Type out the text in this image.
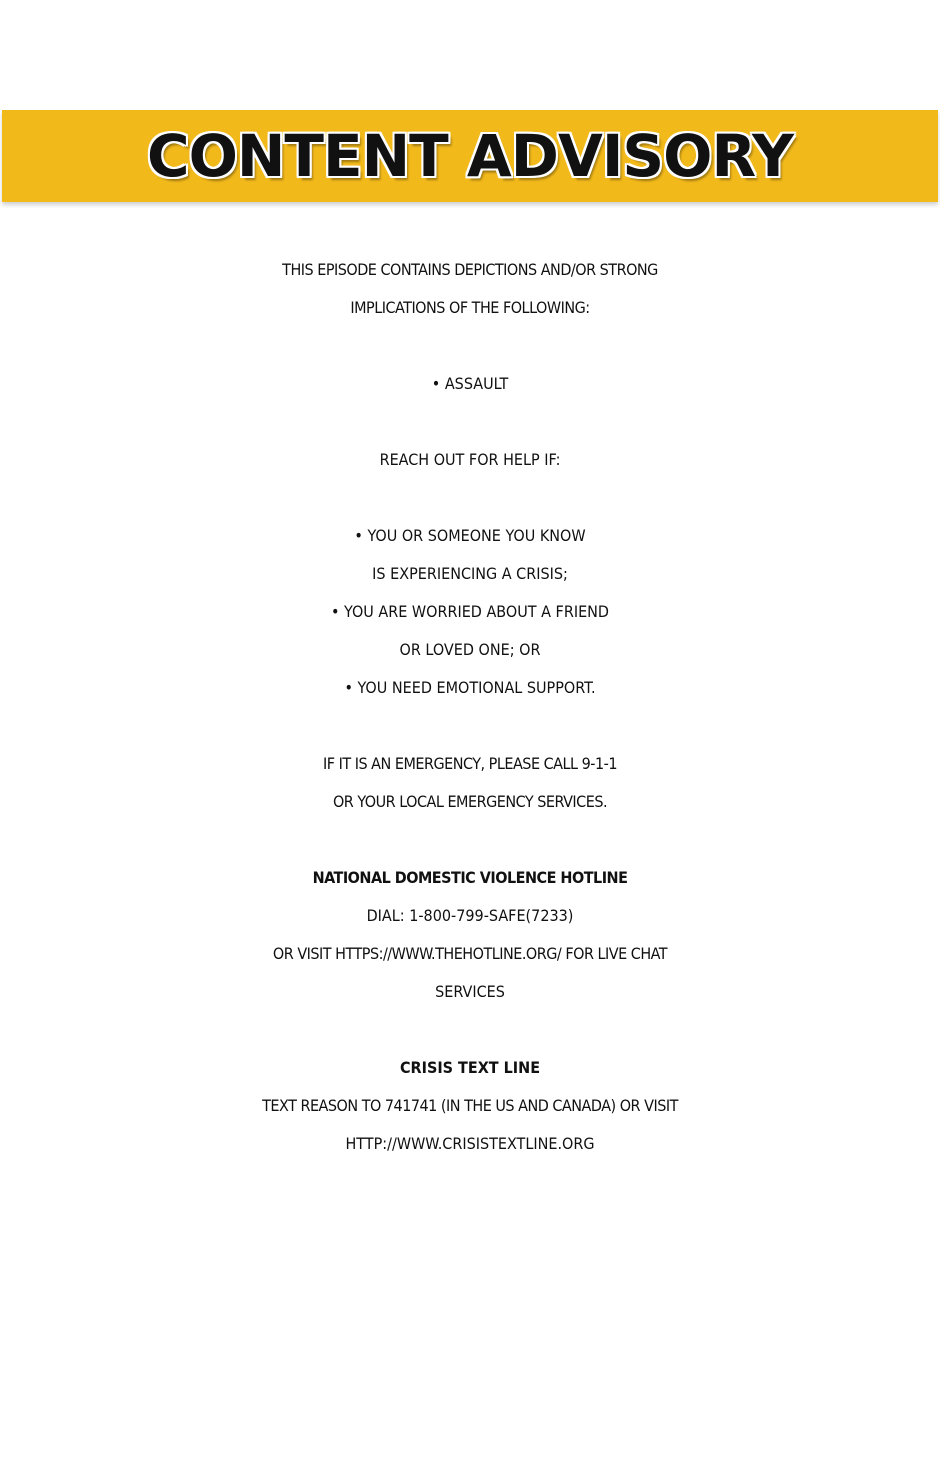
CONTENT ADVISORY
THIS EPISODE CONTAINS DEPICTIONS AND/OR STRONG
IMPLICATIONS OF THE FOLLOWING:
• ASSAULT
REACH OUT FOR HELP IF:
• YOU OR SOMEONE YOU KNOW
IS EXPERIENCING A CRISIS;
• YOU ARE WORRIED ABOUT A FRIEND
OR LOVED ONE; OR
• YOU NEED EMOTIONAL SUPPORT.
IF IT IS AN EMERGENCY, PLEASE CALL 9-1-1
OR YOUR LOCAL EMERGENCY SERVICES.
NATIONAL DOMESTIC VIOLENCE HOTLINE
DIAL: 1-800-799-SAFE(7233)
OR VISIT HTTPS://WWW.THEHOTLINE.ORG/ FOR LIVE CHAT
SERVICES
CRISIS TEXT LINE
TEXT REASON TO 741741 (IN THE US AND CANADA) OR VISIT
HTTP://WWW.CRISISTEXTLINE.ORG
